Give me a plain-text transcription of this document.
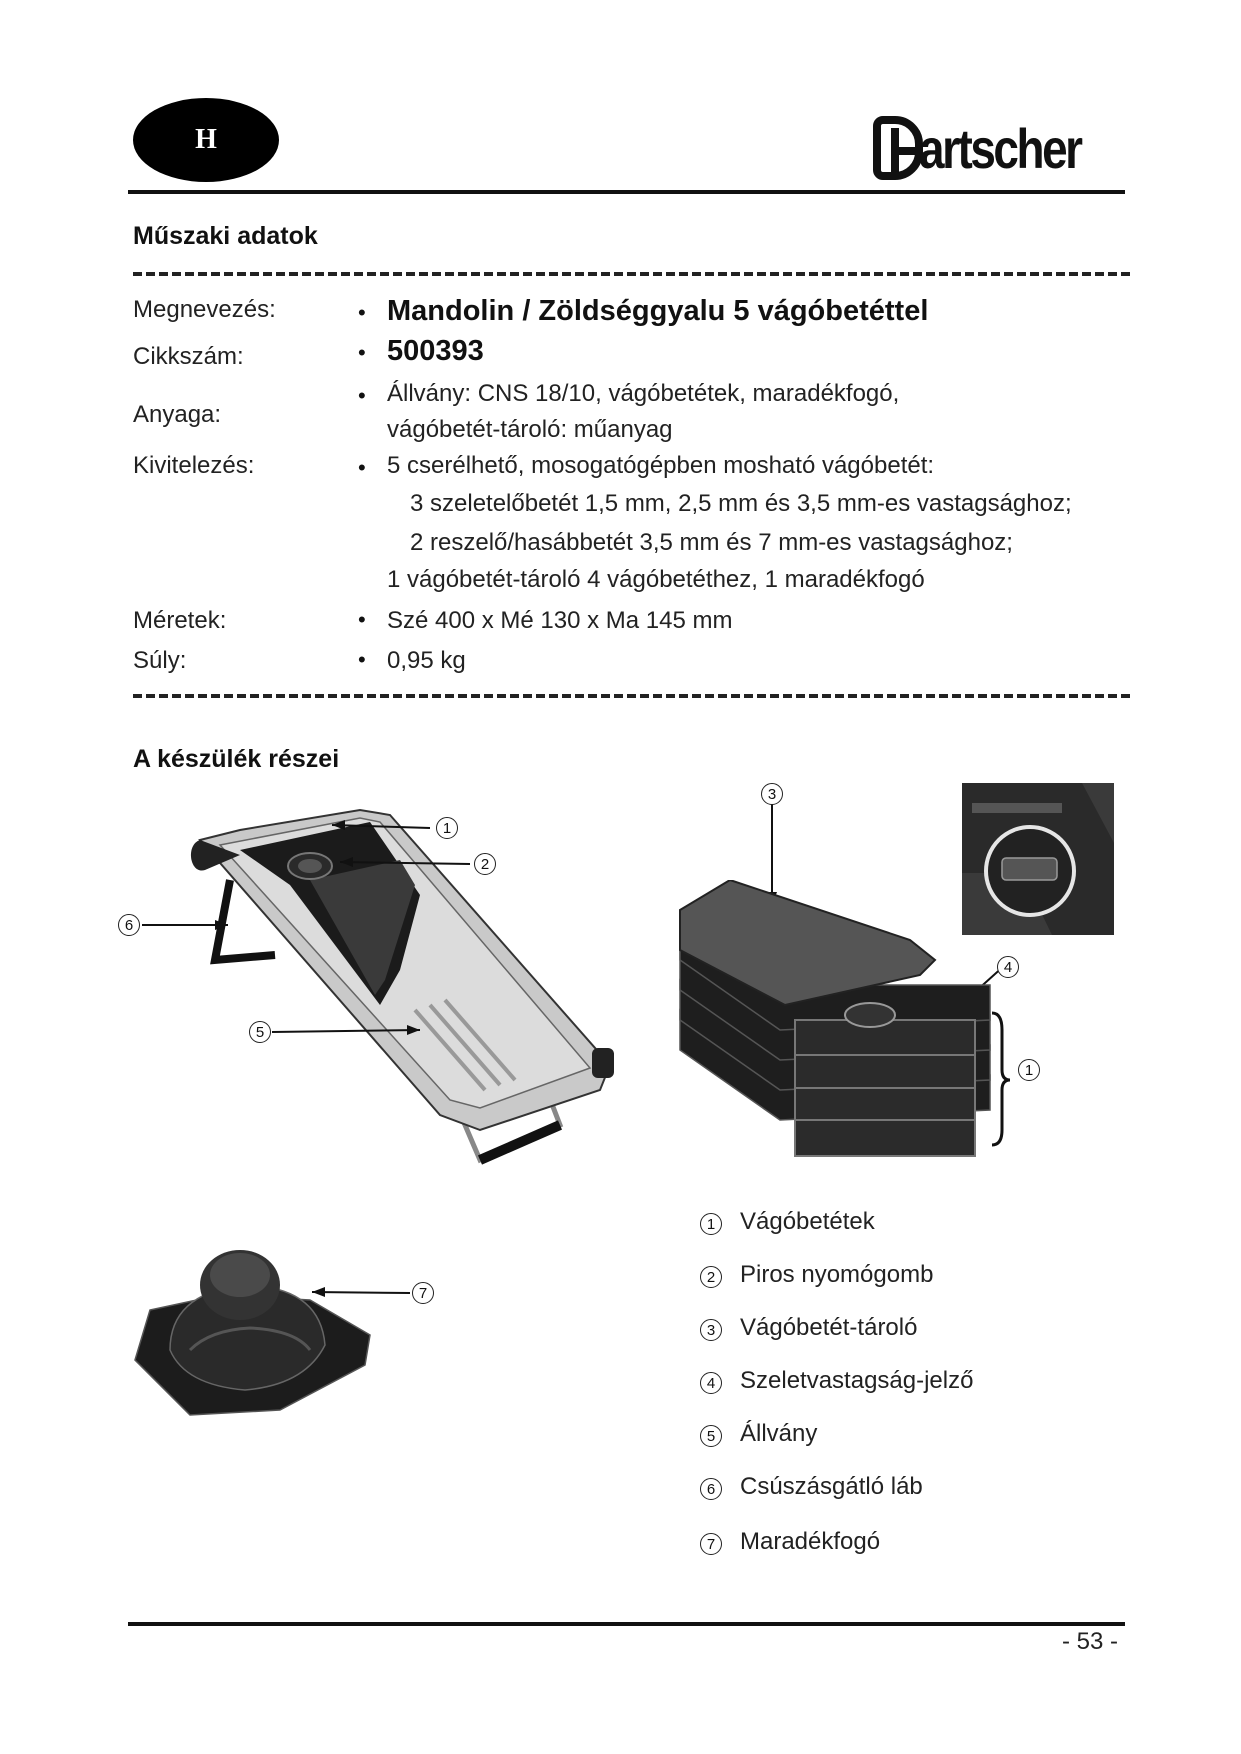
H	artscher
Műszaki adatok
Megnevezés:	• Mandolin / Zöldséggyalu 5 vágóbetéttel
Cikkszám:	• 500393
Anyaga:
• Állvány: CNS 18/10, vágóbetétek, maradékfogó,
vágóbetét-tároló: műanyag
Kivitelezés:	• 5 cserélhető, mosogatógépben mosható vágóbetét:
3 szeletelőbetét 1,5 mm, 2,5 mm és 3,5 mm-es vastagsághoz;
2 reszelő/hasábbetét 3,5 mm és 7 mm-es vastagsághoz;
1 vágóbetét-tároló 4 vágóbetéthez, 1 maradékfogó
Méretek:	• Szé 400 x Mé 130 x Ma 145 mm
Súly:	• 0,95 kg
A készülék részei
1
2
3
4
5
6
7
1
1 Vágóbetétek
2 Piros nyomógomb
3 Vágóbetét-tároló
4 Szeletvastagság-jelző
5 Állvány
6 Csúszásgátló láb
7 Maradékfogó
- 53 -
